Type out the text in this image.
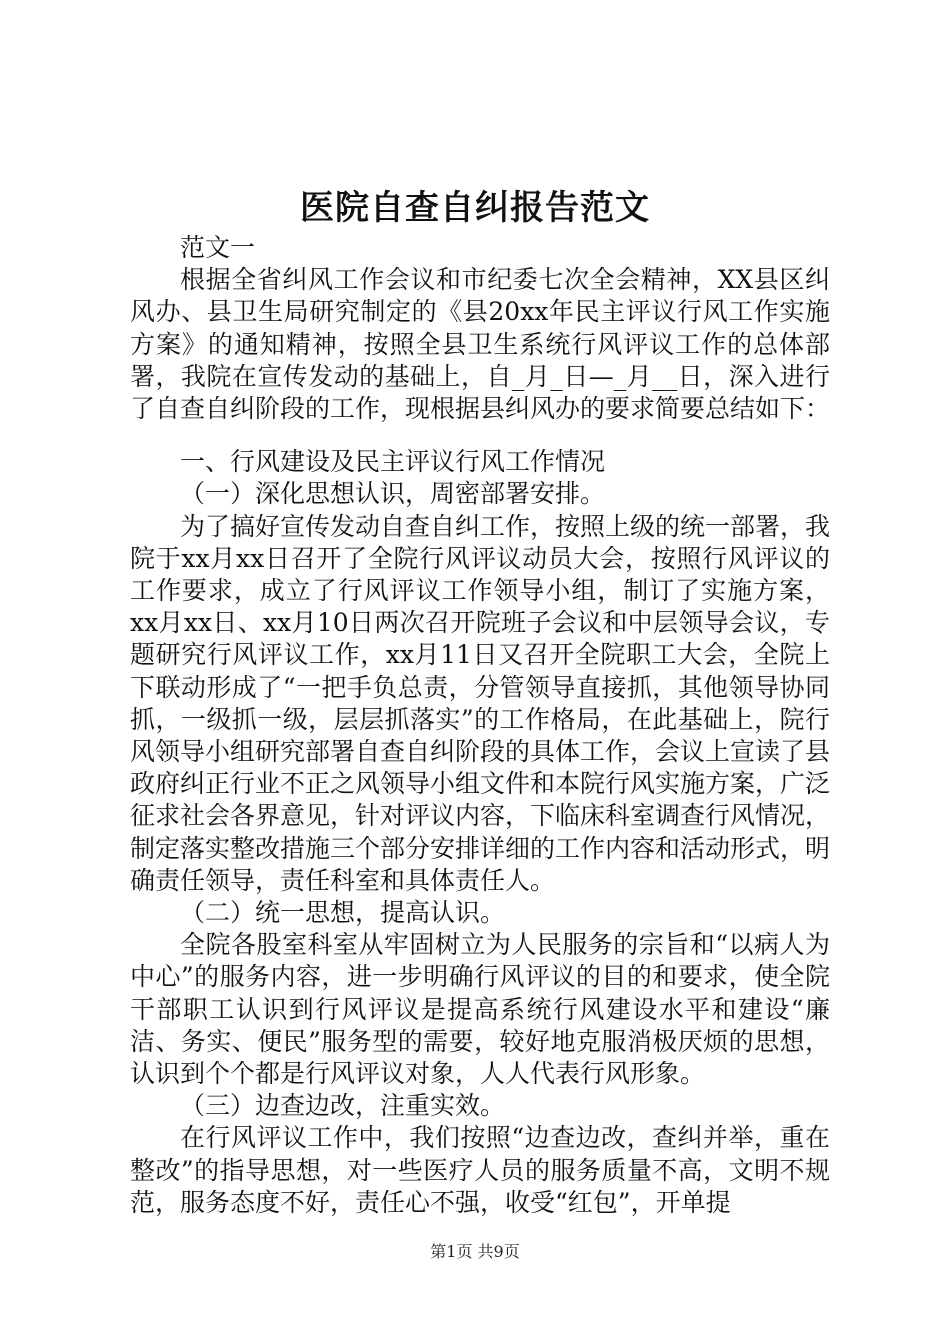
医院自查自纠报告范文

范文一

根据全省纠风工作会议和市纪委七次全会精神，XX县区纠风办、县卫生局研究制定的《县20xx年民主评议行风工作实施方案》的通知精神，按照全县卫生系统行风评议工作的总体部署，我院在宣传发动的基础上，自_月_日—_月__日，深入进行了自查自纠阶段的工作，现根据县纠风办的要求简要总结如下：

一、行风建设及民主评议行风工作情况

（一）深化思想认识，周密部署安排。

为了搞好宣传发动自查自纠工作，按照上级的统一部署，我院于xx月xx日召开了全院行风评议动员大会，按照行风评议的工作要求，成立了行风评议工作领导小组，制订了实施方案，xx月xx日、xx月10日两次召开院班子会议和中层领导会议，专题研究行风评议工作，xx月11日又召开全院职工大会，全院上下联动形成了“一把手负总责，分管领导直接抓，其他领导协同抓，一级抓一级，层层抓落实”的工作格局，在此基础上，院行风领导小组研究部署自查自纠阶段的具体工作，会议上宣读了县政府纠正行业不正之风领导小组文件和本院行风实施方案，广泛征求社会各界意见，针对评议内容，下临床科室调查行风情况，制定落实整改措施三个部分安排详细的工作内容和活动形式，明确责任领导，责任科室和具体责任人。

（二）统一思想，提高认识。

全院各股室科室从牢固树立为人民服务的宗旨和“以病人为中心”的服务内容，进一步明确行风评议的目的和要求，使全院干部职工认识到行风评议是提高系统行风建设水平和建设“廉洁、务实、便民”服务型的需要，较好地克服消极厌烦的思想，认识到个个都是行风评议对象，人人代表行风形象。

（三）边查边改，注重实效。

在行风评议工作中，我们按照“边查边改，查纠并举，重在整改”的指导思想，对一些医疗人员的服务质量不高，文明不规范，服务态度不好，责任心不强，收受“红包”，开单提

第1页 共9页
